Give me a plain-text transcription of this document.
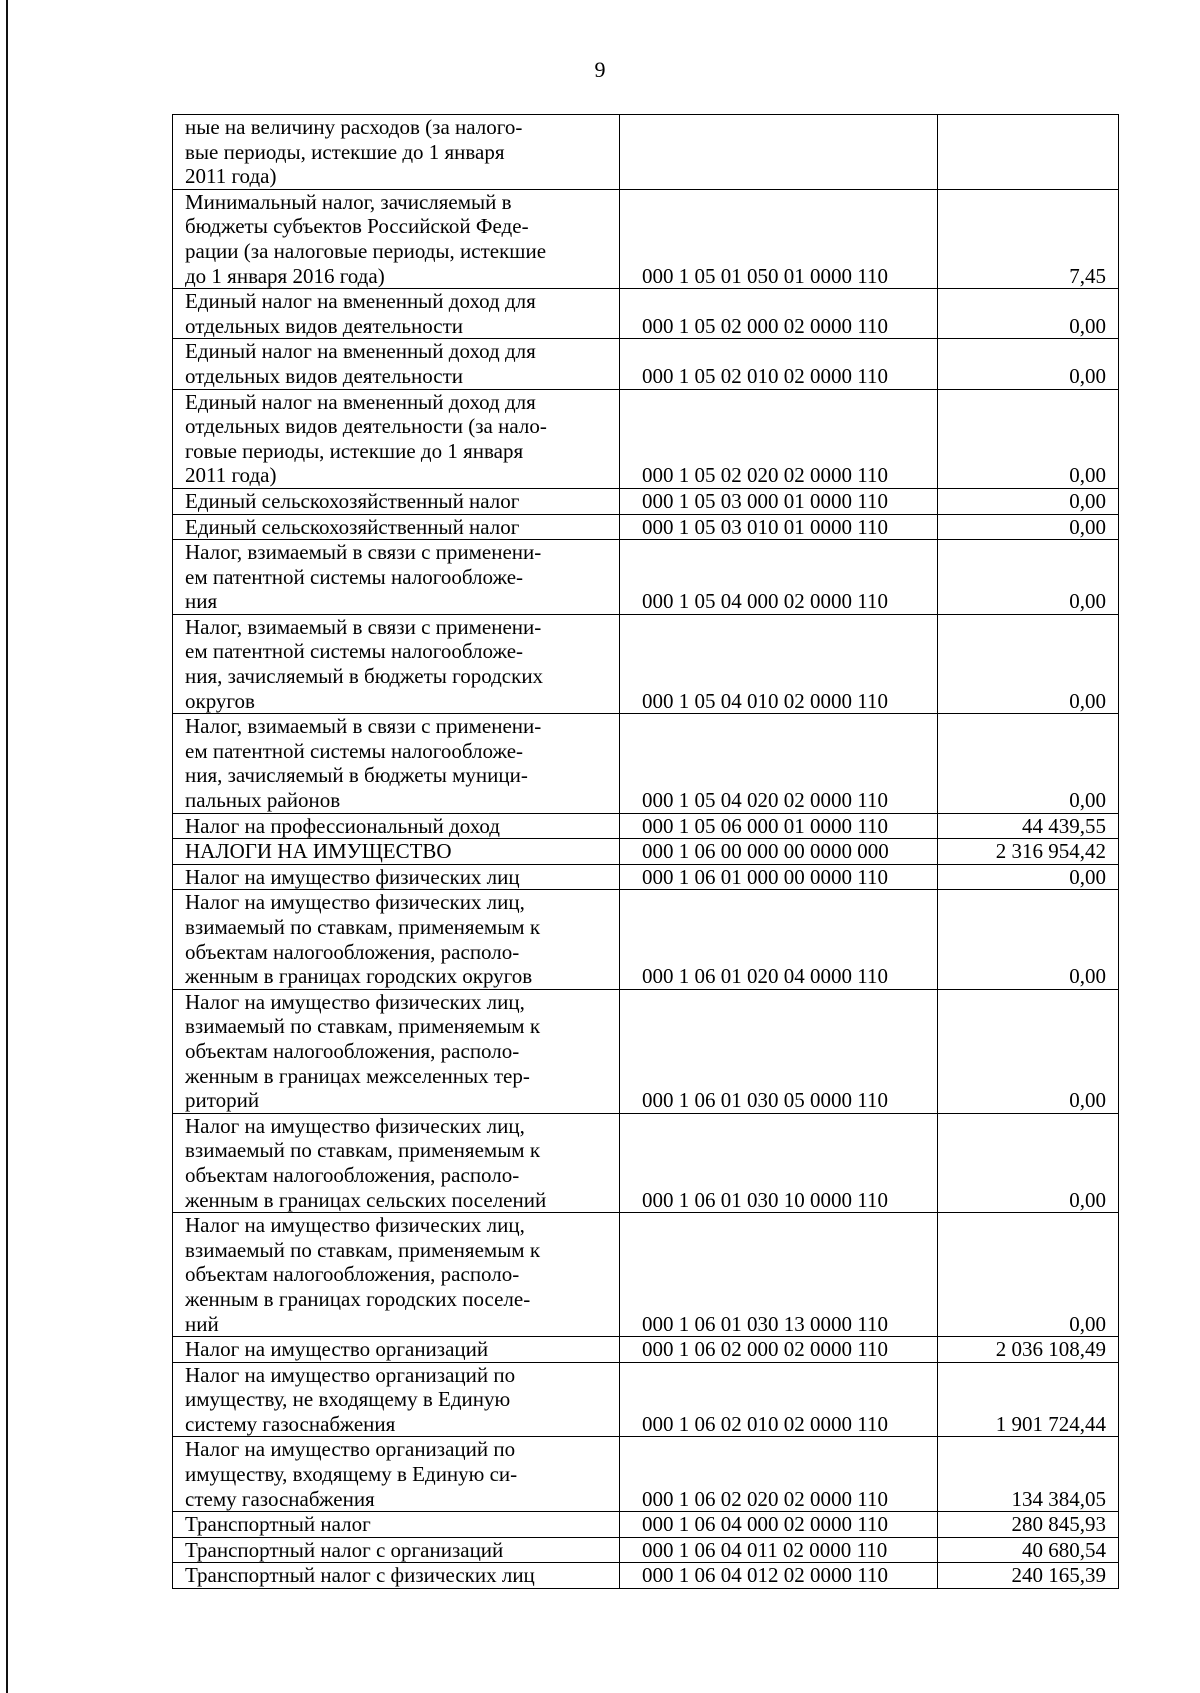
9
ные на величину расходов (за налого-
вые периоды, истекшие до 1 января
2011 года)		

Минимальный налог, зачисляемый в
бюджеты субъектов Российской Феде-
рации (за налоговые периоды, истекшие
до 1 января 2016 года)	000 1 05 01 050 01 0000 110	7,45

Единый налог на вмененный доход для
отдельных видов деятельности	000 1 05 02 000 02 0000 110	0,00

Единый налог на вмененный доход для
отдельных видов деятельности	000 1 05 02 010 02 0000 110	0,00

Единый налог на вмененный доход для
отдельных видов деятельности (за нало-
говые периоды, истекшие до 1 января
2011 года)	000 1 05 02 020 02 0000 110	0,00

Единый сельскохозяйственный налог	000 1 05 03 000 01 0000 110	0,00

Единый сельскохозяйственный налог	000 1 05 03 010 01 0000 110	0,00

Налог, взимаемый в связи с применени-
ем патентной системы налогообложе-
ния	000 1 05 04 000 02 0000 110	0,00

Налог, взимаемый в связи с применени-
ем патентной системы налогообложе-
ния, зачисляемый в бюджеты городских
округов	000 1 05 04 010 02 0000 110	0,00

Налог, взимаемый в связи с применени-
ем патентной системы налогообложе-
ния, зачисляемый в бюджеты муници-
пальных районов	000 1 05 04 020 02 0000 110	0,00

Налог на профессиональный доход	000 1 05 06 000 01 0000 110	44 439,55

НАЛОГИ НА ИМУЩЕСТВО	000 1 06 00 000 00 0000 000	2 316 954,42

Налог на имущество физических лиц	000 1 06 01 000 00 0000 110	0,00

Налог на имущество физических лиц,
взимаемый по ставкам, применяемым к
объектам налогообложения, располо-
женным в границах городских округов	000 1 06 01 020 04 0000 110	0,00

Налог на имущество физических лиц,
взимаемый по ставкам, применяемым к
объектам налогообложения, располо-
женным в границах межселенных тер-
риторий	000 1 06 01 030 05 0000 110	0,00

Налог на имущество физических лиц,
взимаемый по ставкам, применяемым к
объектам налогообложения, располо-
женным в границах сельских поселений	000 1 06 01 030 10 0000 110	0,00

Налог на имущество физических лиц,
взимаемый по ставкам, применяемым к
объектам налогообложения, располо-
женным в границах городских поселе-
ний	000 1 06 01 030 13 0000 110	0,00

Налог на имущество организаций	000 1 06 02 000 02 0000 110	2 036 108,49

Налог на имущество организаций по
имуществу, не входящему в Единую
систему газоснабжения	000 1 06 02 010 02 0000 110	1 901 724,44

Налог на имущество организаций по
имуществу, входящему в Единую си-
стему газоснабжения	000 1 06 02 020 02 0000 110	134 384,05

Транспортный налог	000 1 06 04 000 02 0000 110	280 845,93

Транспортный налог с организаций	000 1 06 04 011 02 0000 110	40 680,54

Транспортный налог с физических лиц	000 1 06 04 012 02 0000 110	240 165,39
